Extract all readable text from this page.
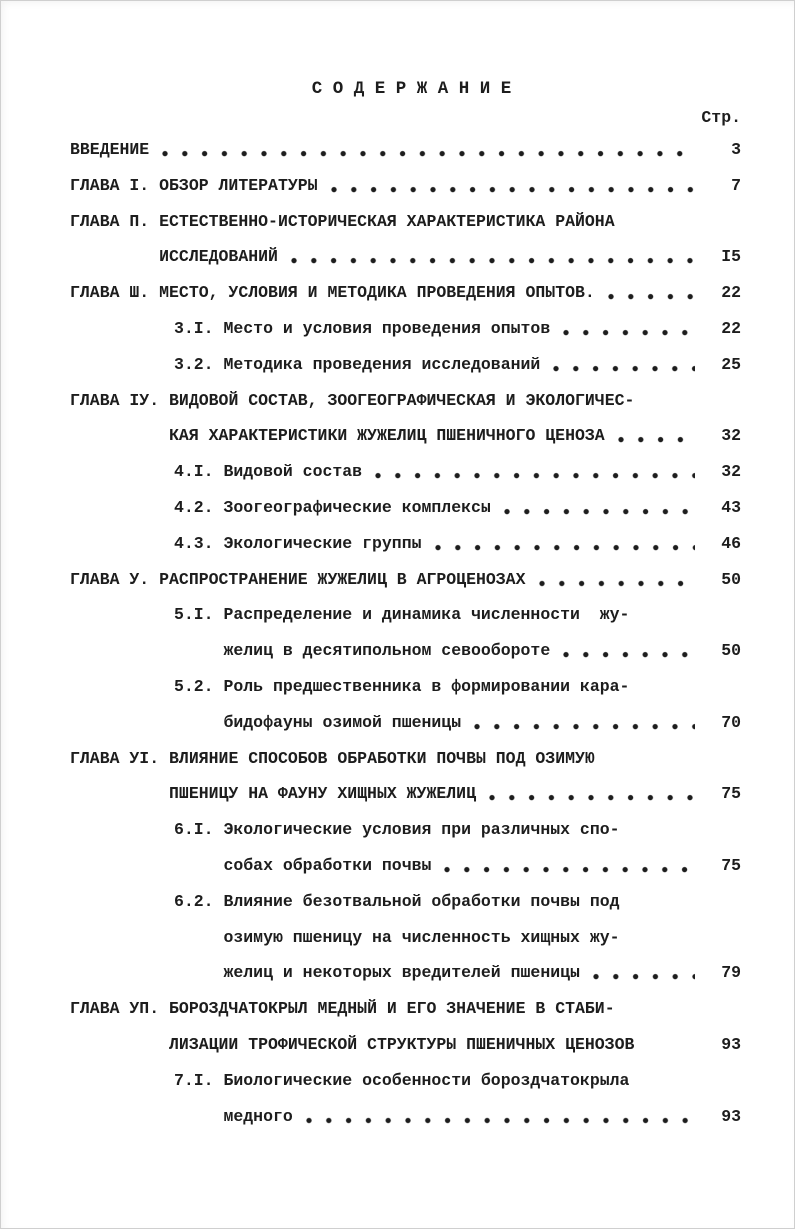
С О Д Е Р Ж А Н И Е
Стр.
ВВЕДЕНИЕ	3
ГЛАВА I. ОБЗОР ЛИТЕРАТУРЫ	7
ГЛАВА П. ЕСТЕСТВЕННО-ИСТОРИЧЕСКАЯ ХАРАКТЕРИСТИКА РАЙОНА
ИССЛЕДОВАНИЙ	I5
ГЛАВА Ш. МЕСТО, УСЛОВИЯ И МЕТОДИКА ПРОВЕДЕНИЯ ОПЫТОВ.	22
3.I. Место и условия проведения опытов	22
3.2. Методика проведения исследований	25
ГЛАВА IУ. ВИДОВОЙ СОСТАВ, ЗООГЕОГРАФИЧЕСКАЯ И ЭКОЛОГИЧЕС-
КАЯ ХАРАКТЕРИСТИКИ ЖУЖЕЛИЦ ПШЕНИЧНОГО ЦЕНОЗА	32
4.I. Видовой состав	32
4.2. Зоогеографические комплексы	43
4.3. Экологические группы	46
ГЛАВА У. РАСПРОСТРАНЕНИЕ ЖУЖЕЛИЦ В АГРОЦЕНОЗАХ	50
5.I. Распределение и динамика численности  жу-
желиц в десятипольном севообороте	50
5.2. Роль предшественника в формировании кара-
бидофауны озимой пшеницы	70
ГЛАВА УI. ВЛИЯНИЕ СПОСОБОВ ОБРАБОТКИ ПОЧВЫ ПОД ОЗИМУЮ
ПШЕНИЦУ НА ФАУНУ ХИЩНЫХ ЖУЖЕЛИЦ	75
6.I. Экологические условия при различных спо-
собах обработки почвы	75
6.2. Влияние безотвальной обработки почвы под
озимую пшеницу на численность хищных жу-
желиц и некоторых вредителей пшеницы	79
ГЛАВА УП. БОРОЗДЧАТОКРЫЛ МЕДНЫЙ И ЕГО ЗНАЧЕНИЕ В СТАБИ-
ЛИЗАЦИИ ТРОФИЧЕСКОЙ СТРУКТУРЫ ПШЕНИЧНЫХ ЦЕНОЗОВ	93
7.I. Биологические особенности бороздчатокрыла
медного	93
